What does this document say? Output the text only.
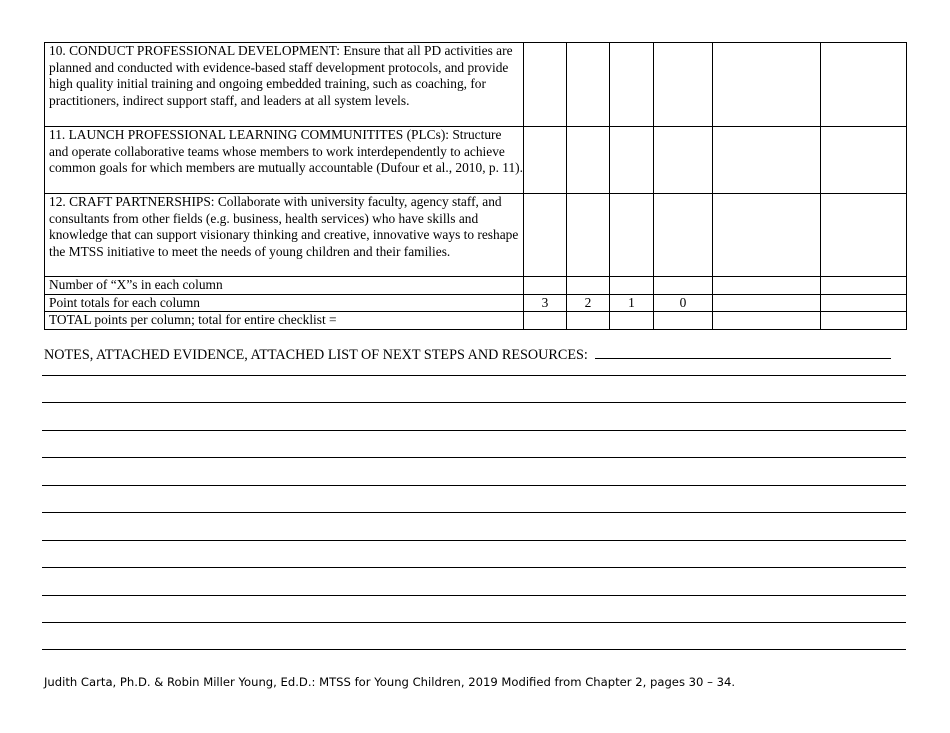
10. CONDUCT PROFESSIONAL DEVELOPMENT: Ensure that all PD activities are planned and conducted with evidence-based staff development protocols, and provide high quality initial training and ongoing embedded training, such as coaching, for practitioners, indirect support staff, and leaders at all system levels.						
11. LAUNCH PROFESSIONAL LEARNING COMMUNITITES (PLCs): Structure and operate collaborative teams whose members to work interdependently to achieve common goals for which members are mutually accountable (Dufour et al., 2010, p. 11).						
12. CRAFT PARTNERSHIPS: Collaborate with university faculty, agency staff, and consultants from other fields (e.g. business, health services) who have skills and knowledge that can support visionary thinking and creative, innovative ways to reshape the MTSS initiative to meet the needs of young children and their families.						
Number of “X”s in each column						
Point totals for each column	3	2	1	0		
TOTAL points per column; total for entire checklist =						
NOTES, ATTACHED EVIDENCE, ATTACHED LIST OF NEXT STEPS AND RESOURCES:
Judith Carta, Ph.D. & Robin Miller Young, Ed.D.: MTSS for Young Children, 2019 Modified from Chapter 2, pages 30 – 34.
